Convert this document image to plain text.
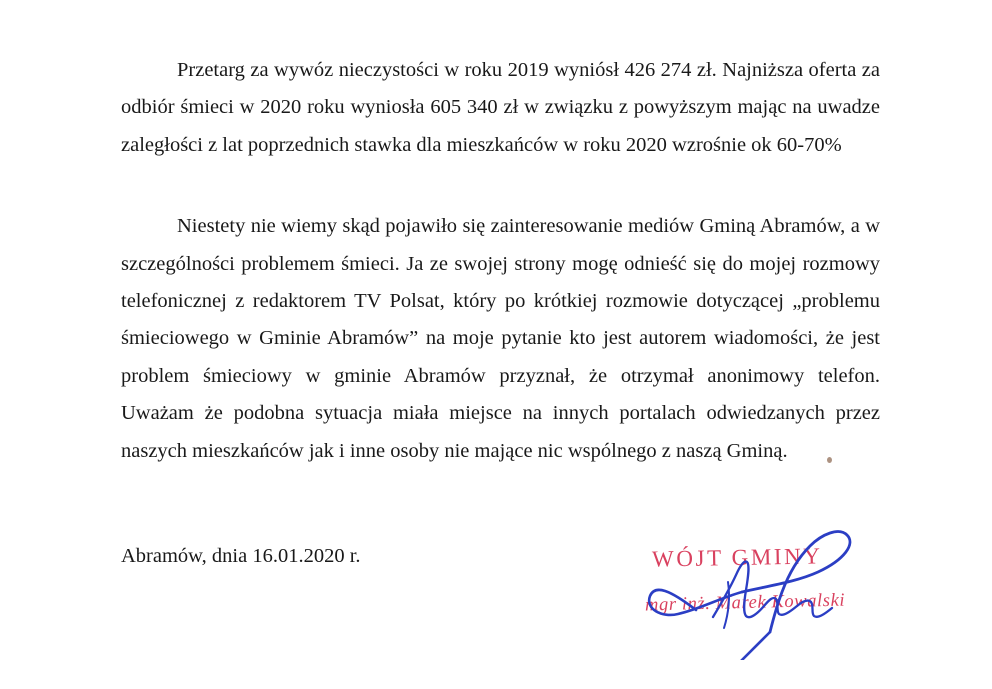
Przetarg za wywóz nieczystości w roku 2019 wyniósł 426 274 zł. Najniższa oferta za odbiór śmieci w 2020 roku wyniosła 605 340 zł w związku z powyższym mając na uwadze zaległości z lat poprzednich stawka dla mieszkańców w roku 2020 wzrośnie ok 60-70%

Niestety nie wiemy skąd pojawiło się zainteresowanie mediów Gminą Abramów, a w szczególności problemem śmieci. Ja ze swojej strony mogę odnieść się do mojej rozmowy telefonicznej z redaktorem TV Polsat, który po krótkiej rozmowie dotyczącej „problemu śmieciowego w Gminie Abramów” na moje pytanie kto jest autorem wiadomości, że jest problem śmieciowy w gminie Abramów przyznał, że otrzymał anonimowy telefon. Uważam że podobna sytuacja miała miejsce na innych portalach odwiedzanych przez naszych mieszkańców jak i inne osoby nie mające nic wspólnego z naszą Gminą.

Abramów, dnia 16.01.2020 r.	WÓJT GMINY
mgr inż. Marek Kowalski
